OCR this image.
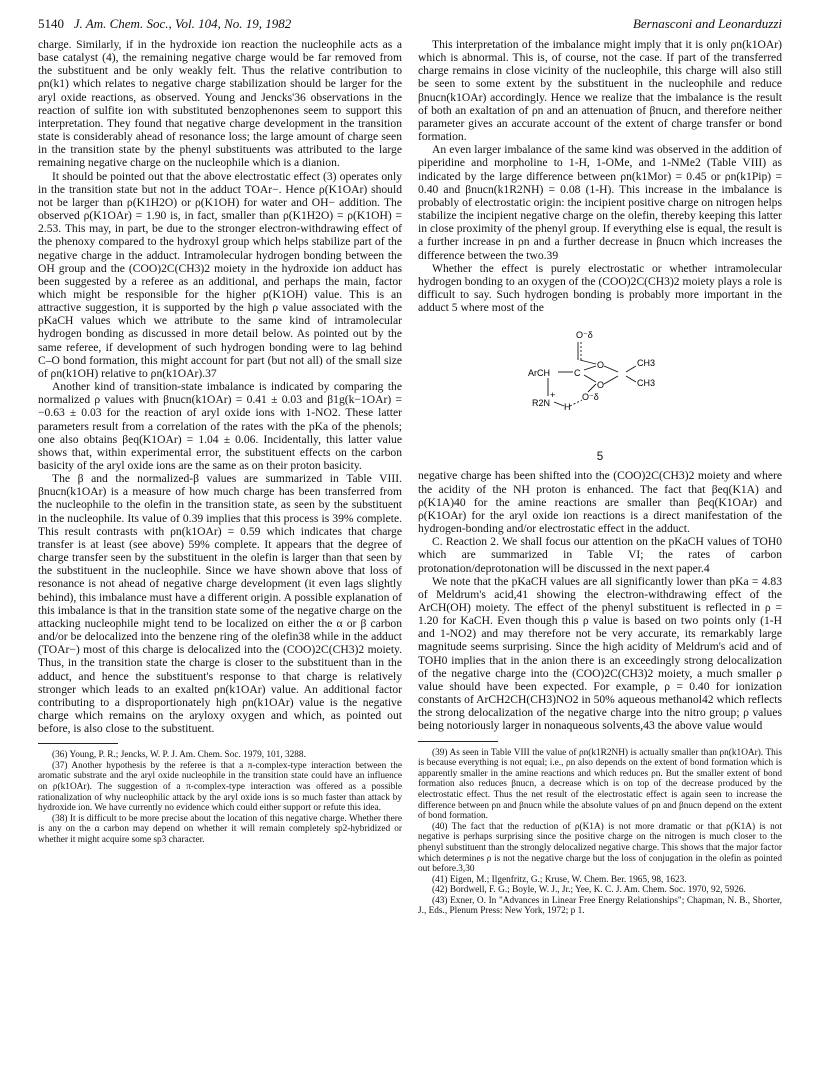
5140 J. Am. Chem. Soc., Vol. 104, No. 19, 1982	Bernasconi and Leonarduzzi

charge. Similarly, if in the hydroxide ion reaction the nucleophile acts as a base catalyst (4), the remaining negative charge would be far removed from the substituent and be only weakly felt. Thus the relative contribution to ρn(k1) which relates to negative charge stabilization should be larger for the aryl oxide reactions, as observed. Young and Jencks'36 observations in the reaction of sulfite ion with substituted benzophenones seem to support this interpretation. They found that negative charge development in the transition state is considerably ahead of resonance loss; the large amount of charge seen in the transition state by the phenyl substituents was attributed to the large remaining negative charge on the nucleophile which is a dianion.

It should be pointed out that the above electrostatic effect (3) operates only in the transition state but not in the adduct TOAr−. Hence ρ(K1OAr) should not be larger than ρ(K1H2O) or ρ(K1OH) for water and OH− addition. The observed ρ(K1OAr) = 1.90 is, in fact, smaller than ρ(K1H2O) = ρ(K1OH) = 2.53. This may, in part, be due to the stronger electron-withdrawing effect of the phenoxy compared to the hydroxyl group which helps stabilize part of the negative charge in the adduct. Intramolecular hydrogen bonding between the OH group and the (COO)2C(CH3)2 moiety in the hydroxide ion adduct has been suggested by a referee as an additional, and perhaps the main, factor which might be responsible for the higher ρ(K1OH) value. This is an attractive suggestion, it is supported by the high ρ value associated with the pKaCH values which we attribute to the same kind of intramolecular hydrogen bonding as discussed in more detail below. As pointed out by the same referee, if development of such hydrogen bonding were to lag behind C–O bond formation, this might account for part (but not all) of the small size of ρn(k1OH) relative to ρn(k1OAr).37

Another kind of transition-state imbalance is indicated by comparing the normalized ρ values with βnucn(k1OAr) = 0.41 ± 0.03 and β1g(k−1OAr) = −0.63 ± 0.03 for the reaction of aryl oxide ions with 1-NO2. These latter parameters result from a correlation of the rates with the pKa of the phenols; one also obtains βeq(K1OAr) = 1.04 ± 0.06. Incidentally, this latter value shows that, within experimental error, the substituent effects on the carbon basicity of the aryl oxide ions are the same as on their proton basicity.

The β and the normalized-β values are summarized in Table VIII. βnucn(k1OAr) is a measure of how much charge has been transferred from the nucleophile to the olefin in the transition state, as seen by the substituent in the nucleophile. Its value of 0.39 implies that this process is 39% complete. This result contrasts with ρn(k1OAr) = 0.59 which indicates that charge transfer is at least (see above) 59% complete. It appears that the degree of charge transfer seen by the substituent in the olefin is larger than that seen by the substituent in the nucleophile. Since we have shown above that loss of resonance is not ahead of negative charge development (it even lags slightly behind), this imbalance must have a different origin. A possible explanation of this imbalance is that in the transition state some of the negative charge on the attacking nucleophile might tend to be localized on either the α or β carbon and/or be delocalized into the benzene ring of the olefin38 while in the adduct (TOAr−) most of this charge is delocalized into the (COO)2C(CH3)2 moiety. Thus, in the transition state the charge is closer to the substituent than in the adduct, and hence the substituent's response to that charge is relatively stronger which leads to an exalted ρn(k1OAr) value. An additional factor contributing to a disproportionately high ρn(k1OAr) value is the negative charge which remains on the aryloxy oxygen and which, as pointed out before, is also close to the substituent.

(36) Young, P. R.; Jencks, W. P. J. Am. Chem. Soc. 1979, 101, 3288.

(37) Another hypothesis by the referee is that a π-complex-type interaction between the aromatic substrate and the aryl oxide nucleophile in the transition state could have an influence on ρ(k1OAr). The suggestion of a π-complex-type interaction was offered as a possible rationalization of why nucleophilic attack by the aryl oxide ions is so much faster than attack by hydroxide ion. We have currently no evidence which could either support or refute this idea.

(38) It is difficult to be more precise about the location of this negative charge. Whether there is any on the α carbon may depend on whether it will remain completely sp2-hybridized or whether it might acquire some sp3 character.

This interpretation of the imbalance might imply that it is only ρn(k1OAr) which is abnormal. This is, of course, not the case. If part of the transferred charge remains in close vicinity of the nucleophile, this charge will also still be seen to some extent by the substituent in the nucleophile and reduce βnucn(k1OAr) accordingly. Hence we realize that the imbalance is the result of both an exaltation of ρn and an attenuation of βnucn, and therefore neither parameter gives an accurate account of the extent of charge transfer or bond formation.

An even larger imbalance of the same kind was observed in the addition of piperidine and morpholine to 1-H, 1-OMe, and 1-NMe2 (Table VIII) as indicated by the large difference between ρn(k1Mor) = 0.45 or ρn(k1Pip) = 0.40 and βnucn(k1R2NH) = 0.08 (1-H). This increase in the imbalance is probably of electrostatic origin: the incipient positive charge on nitrogen helps stabilize the incipient negative charge on the olefin, thereby keeping this latter in close proximity of the phenyl group. If everything else is equal, the result is a further increase in ρn and a further decrease in βnucn which increases the difference between the two.39

Whether the effect is purely electrostatic or whether intramolecular hydrogen bonding to an oxygen of the (COO)2C(CH3)2 moiety plays a role is difficult to say. Such hydrogen bonding is probably more important in the adduct 5 where most of the

O⁻δ
ArCH	C
O
O
CH3
CH3
R2N H
O⁻δ
+
5

negative charge has been shifted into the (COO)2C(CH3)2 moiety and where the acidity of the NH proton is enhanced. The fact that βeq(K1A) and ρ(K1A)40 for the amine reactions are smaller than βeq(K1OAr) and ρ(K1OAr) for the aryl oxide ion reactions is a direct manifestation of the hydrogen-bonding and/or electrostatic effect in the adduct.

C. Reaction 2. We shall focus our attention on the pKaCH values of TOH0 which are summarized in Table VI; the rates of carbon protonation/deprotonation will be discussed in the next paper.4

We note that the pKaCH values are all significantly lower than pKa = 4.83 of Meldrum's acid,41 showing the electron-withdrawing effect of the ArCH(OH) moiety. The effect of the phenyl substituent is reflected in ρ = 1.20 for KaCH. Even though this ρ value is based on two points only (1-H and 1-NO2) and may therefore not be very accurate, its remarkably large magnitude seems surprising. Since the high acidity of Meldrum's acid and of TOH0 implies that in the anion there is an exceedingly strong delocalization of the negative charge into the (COO)2C(CH3)2 moiety, a much smaller ρ value should have been expected. For example, ρ = 0.40 for ionization constants of ArCH2CH(CH3)NO2 in 50% aqueous methanol42 which reflects the strong delocalization of the negative charge into the nitro group; ρ values being notoriously larger in nonaqueous solvents,43 the above value would

(39) As seen in Table VIII the value of ρn(k1R2NH) is actually smaller than ρn(k1OAr). This is because everything is not equal; i.e., ρn also depends on the extent of bond formation which is apparently smaller in the amine reactions and which reduces ρn. But the smaller extent of bond formation also reduces βnucn, a decrease which is on top of the decrease produced by the electrostatic effect. Thus the net result of the electrostatic effect is again seen to increase the difference between ρn and βnucn while the absolute values of ρn and βnucn depend on the extent of bond formation.

(40) The fact that the reduction of ρ(K1A) is not more dramatic or that ρ(K1A) is not negative is perhaps surprising since the positive charge on the nitrogen is much closer to the phenyl substituent than the strongly delocalized negative charge. This shows that the major factor which determines ρ is not the negative charge but the loss of conjugation in the olefin as pointed out before.3,30

(41) Eigen, M.; Ilgenfritz, G.; Kruse, W. Chem. Ber. 1965, 98, 1623.

(42) Bordwell, F. G.; Boyle, W. J., Jr.; Yee, K. C. J. Am. Chem. Soc. 1970, 92, 5926.

(43) Exner, O. In "Advances in Linear Free Energy Relationships"; Chapman, N. B., Shorter, J., Eds., Plenum Press: New York, 1972; p 1.
